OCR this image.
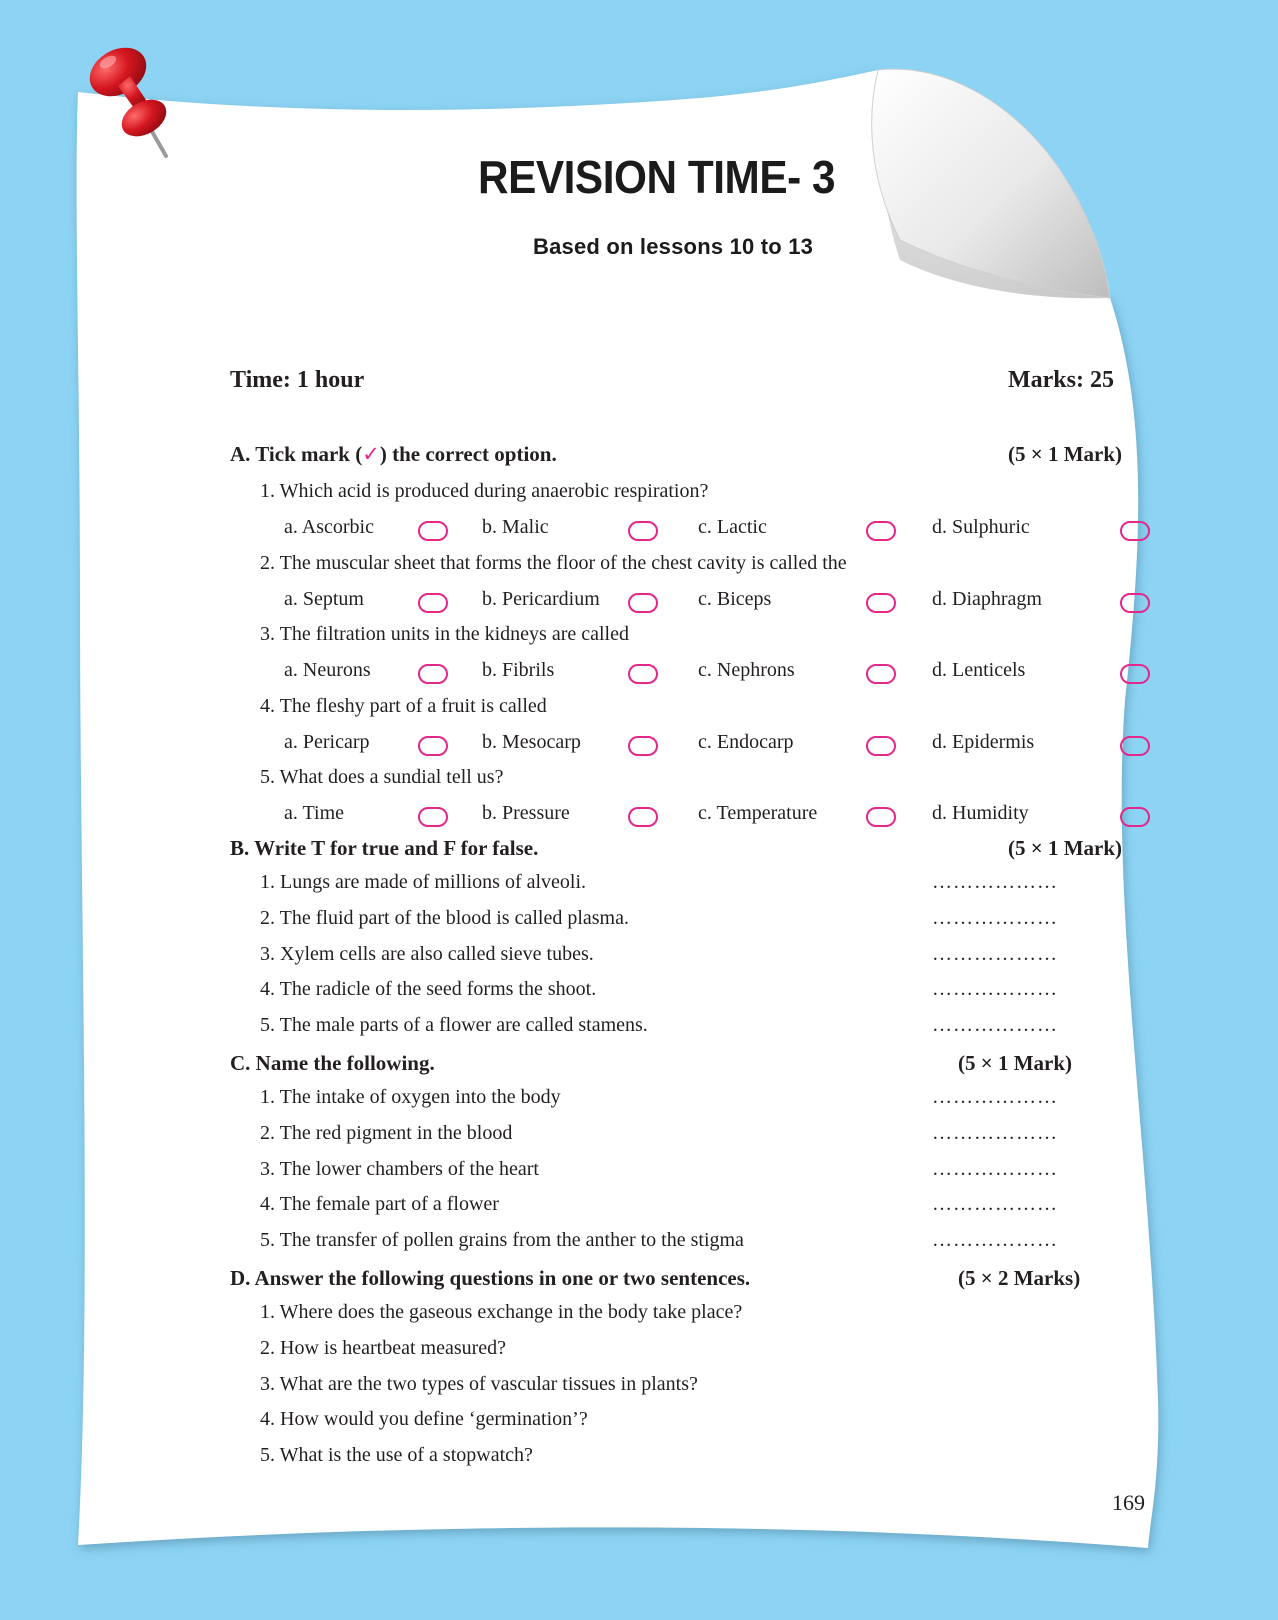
REVISION TIME- 3
Based on lessons 10 to 13
Time: 1 hour	Marks: 25
A. Tick mark (✓) the correct option.	(5 × 1 Mark)
1. Which acid is produced during anaerobic respiration?
a. Ascorbic	b. Malic	c. Lactic	d. Sulphuric
2. The muscular sheet that forms the floor of the chest cavity is called the
a. Septum	b. Pericardium	c. Biceps	d. Diaphragm
3. The filtration units in the kidneys are called
a. Neurons	b. Fibrils	c. Nephrons	d. Lenticels
4. The fleshy part of a fruit is called
a. Pericarp	b. Mesocarp	c. Endocarp	d. Epidermis
5. What does a sundial tell us?
a. Time	b. Pressure	c. Temperature	d. Humidity
B. Write T for true and F for false.	(5 × 1 Mark)
1. Lungs are made of millions of alveoli.	………………
2. The fluid part of the blood is called plasma.	………………
3. Xylem cells are also called sieve tubes.	………………
4. The radicle of the seed forms the shoot.	………………
5. The male parts of a flower are called stamens.	………………
C. Name the following.	(5 × 1 Mark)
1. The intake of oxygen into the body	………………
2. The red pigment in the blood	………………
3. The lower chambers of the heart	………………
4. The female part of a flower	………………
5. The transfer of pollen grains from the anther to the stigma	………………
D. Answer the following questions in one or two sentences.	(5 × 2 Marks)
1. Where does the gaseous exchange in the body take place?
2. How is heartbeat measured?
3. What are the two types of vascular tissues in plants?
4. How would you define ‘germination’?
5. What is the use of a stopwatch?
169
